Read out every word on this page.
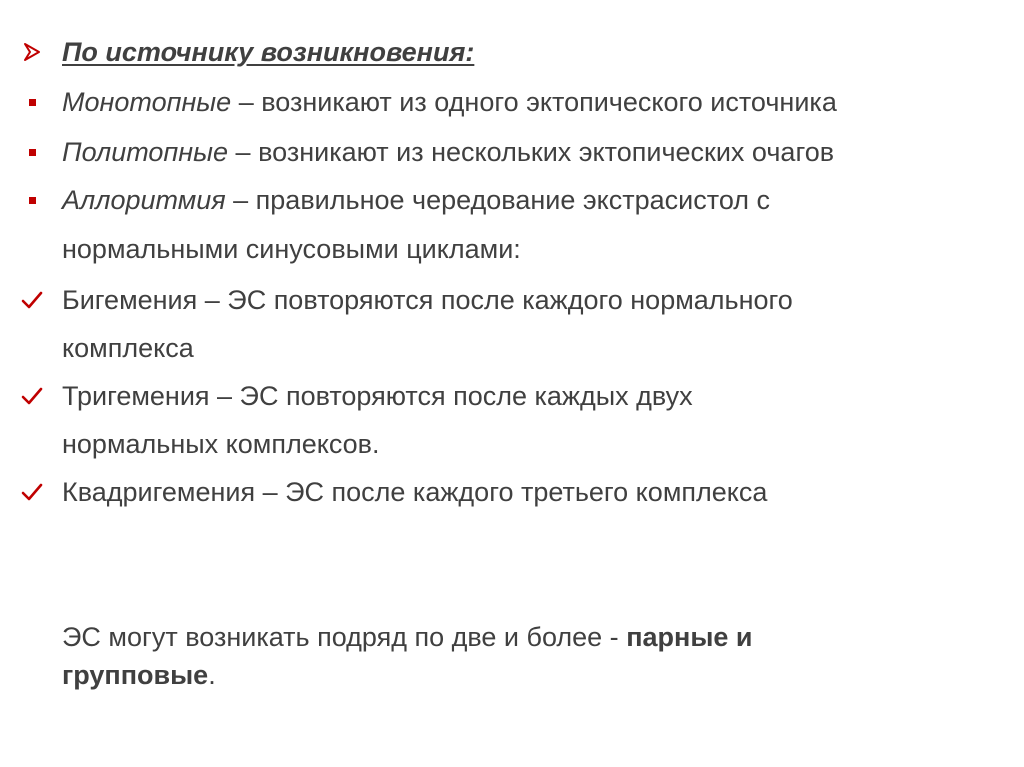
По источнику возникновения:
Монотопные – возникают из одного эктопического источника
Политопные – возникают из нескольких эктопических очагов
Аллоритмия – правильное чередование экстрасистол с
нормальными синусовыми циклами:
Бигемения – ЭС повторяются после каждого нормального
комплекса
Тригемения – ЭС повторяются после каждых двух
нормальных комплексов.
Квадригемения – ЭС после каждого третьего комплекса
ЭС могут возникать подряд по две и более - парные и
групповые.
